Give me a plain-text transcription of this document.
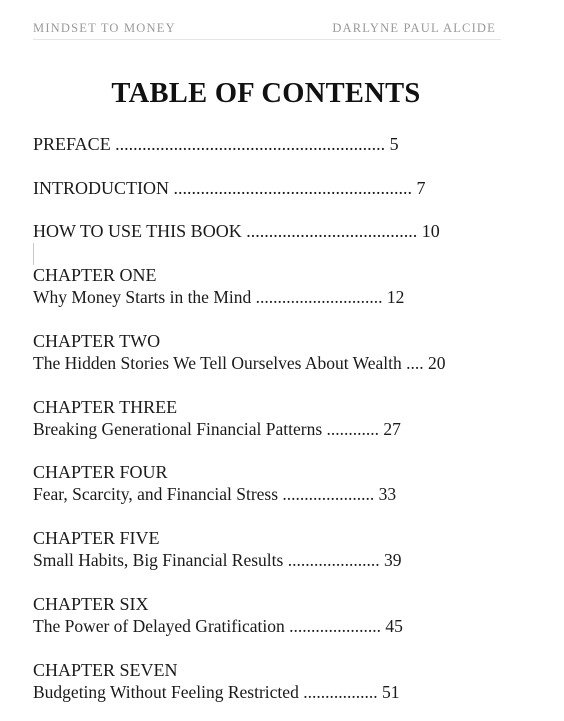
MINDSET TO MONEY	DARLYNE PAUL ALCIDE
TABLE OF CONTENTS
PREFACE ............................................................ 5
INTRODUCTION ..................................................... 7
HOW TO USE THIS BOOK ...................................... 10
CHAPTER ONE
Why Money Starts in the Mind ............................. 12
CHAPTER TWO
The Hidden Stories We Tell Ourselves About Wealth .... 20
CHAPTER THREE
Breaking Generational Financial Patterns ............ 27
CHAPTER FOUR
Fear, Scarcity, and Financial Stress ..................... 33
CHAPTER FIVE
Small Habits, Big Financial Results ..................... 39
CHAPTER SIX
The Power of Delayed Gratification ..................... 45
CHAPTER SEVEN
Budgeting Without Feeling Restricted ................. 51
